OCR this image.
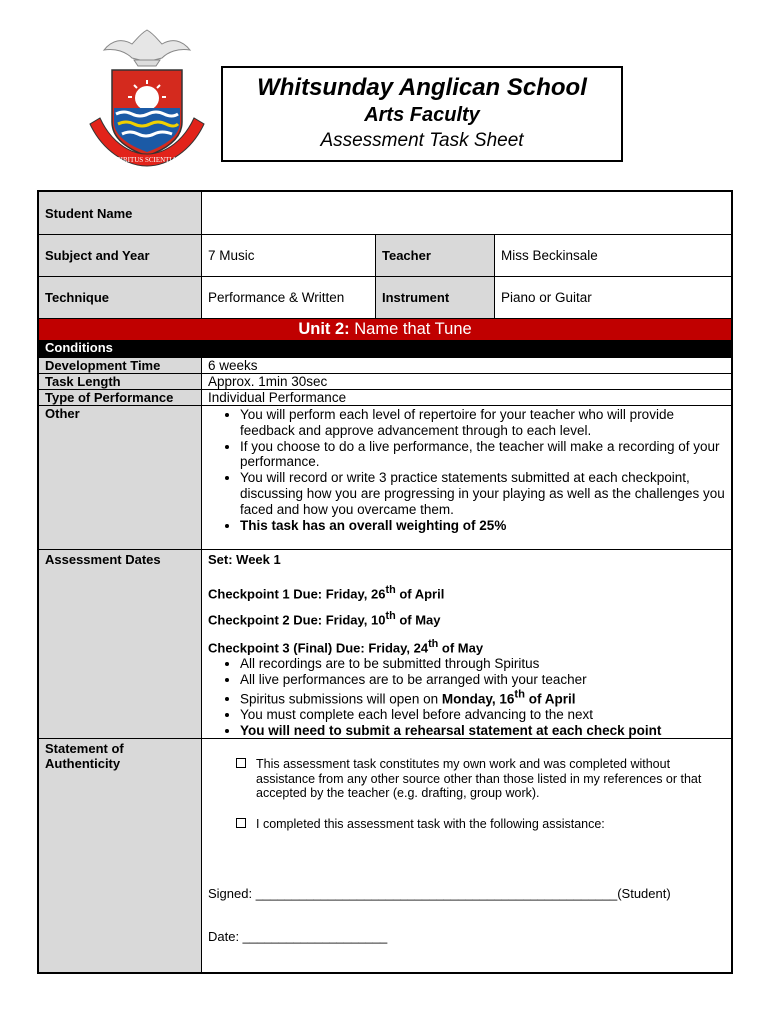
SPIRITUS SCIENTIAE
Whitsunday Anglican School
Arts Faculty
Assessment Task Sheet
Student Name
Subject and Year	7 Music	Teacher	Miss Beckinsale
Technique	Performance & Written	Instrument	Piano or Guitar
Unit 2: Name that Tune
Conditions
Development Time	6 weeks
Task Length	Approx. 1min 30sec
Type of Performance	Individual Performance
Other
•	You will perform each level of repertoire for your teacher who will provide feedback and approve advancement through to each level.
• If you choose to do a live performance, the teacher will make a recording of your performance.
• You will record or write 3 practice statements submitted at each checkpoint, discussing how you are progressing in your playing as well as the challenges you faced and how you overcame them.
• This task has an overall weighting of 25%
Assessment Dates	Set: Week 1

Checkpoint 1 Due: Friday, 26th of April

Checkpoint 2 Due: Friday, 10th of May

Checkpoint 3 (Final) Due: Friday, 24th of May

• All recordings are to be submitted through Spiritus
• All live performances are to be arranged with your teacher
• Spiritus submissions will open on Monday, 16th of April
• You must complete each level before advancing to the next
• You will need to submit a rehearsal statement at each check point
Statement of Authenticity	This assessment task constitutes my own work and was completed without assistance from any other source other than those listed in my references or that accepted by the teacher (e.g. drafting, group work).
I completed this assessment task with the following assistance:
Signed: __________________________________________________(Student)
Date: ____________________
